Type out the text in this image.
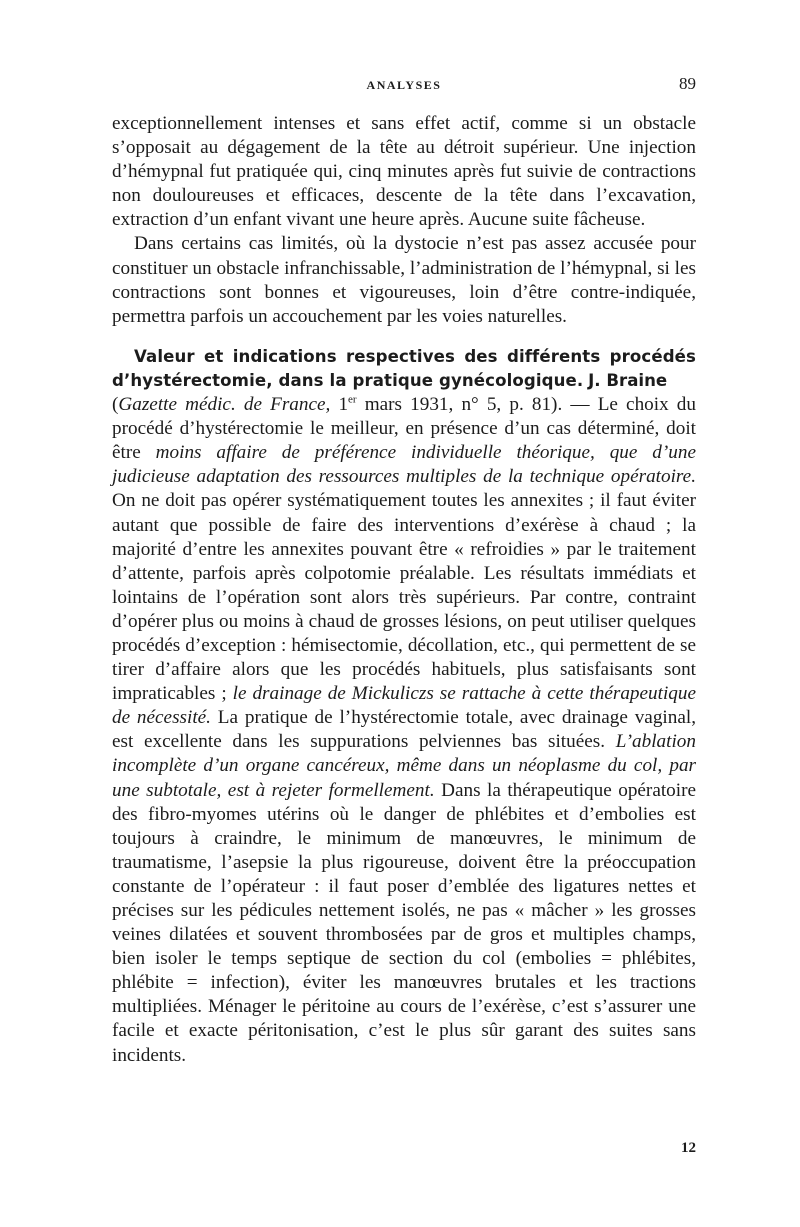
ANALYSES	89

exceptionnellement intenses et sans effet actif, comme si un obstacle s’opposait au dégagement de la tête au détroit supérieur. Une injection d’hémypnal fut pratiquée qui, cinq minutes après fut suivie de contractions non douloureuses et efficaces, descente de la tête dans l’excavation, extraction d’un enfant vivant une heure après. Aucune suite fâcheuse.

Dans certains cas limités, où la dystocie n’est pas assez accusée pour constituer un obstacle infranchissable, l’administration de l’hémypnal, si les contractions sont bonnes et vigoureuses, loin d’être contre-indiquée, permettra parfois un accouchement par les voies naturelles.

Valeur et indications respectives des différents procédés d’hystérectomie, dans la pratique gynécologique. J. Braine
(Gazette médic. de France, 1er mars 1931, n° 5, p. 81). — Le choix du procédé d’hystérectomie le meilleur, en présence d’un cas déterminé, doit être moins affaire de préférence individuelle théorique, que d’une judicieuse adaptation des ressources multiples de la technique opératoire. On ne doit pas opérer systématiquement toutes les annexites ; il faut éviter autant que possible de faire des interventions d’exérèse à chaud ; la majorité d’entre les annexites pouvant être « refroidies » par le traitement d’attente, parfois après colpotomie préalable. Les résultats immédiats et lointains de l’opération sont alors très supérieurs. Par contre, contraint d’opérer plus ou moins à chaud de grosses lésions, on peut utiliser quelques procédés d’exception : hémisectomie, décollation, etc., qui permettent de se tirer d’affaire alors que les procédés habituels, plus satisfaisants sont impraticables ; le drainage de Mickuliczs se rattache à cette thérapeutique de nécessité. La pratique de l’hystérectomie totale, avec drainage vaginal, est excellente dans les suppurations pelviennes bas situées. L’ablation incomplète d’un organe cancéreux, même dans un néoplasme du col, par une subtotale, est à rejeter formellement. Dans la thérapeutique opératoire des fibro-myomes utérins où le danger de phlébites et d’embolies est toujours à craindre, le minimum de manœuvres, le minimum de traumatisme, l’asepsie la plus rigoureuse, doivent être la préoccupation constante de l’opérateur : il faut poser d’emblée des ligatures nettes et précises sur les pédicules nettement isolés, ne pas « mâcher » les grosses veines dilatées et souvent thrombosées par de gros et multiples champs, bien isoler le temps septique de section du col (embolies = phlébites, phlébite = infection), éviter les manœuvres brutales et les tractions multipliées. Ménager le péritoine au cours de l’exérèse, c’est s’assurer une facile et exacte péritonisation, c’est le plus sûr garant des suites sans incidents.

12
